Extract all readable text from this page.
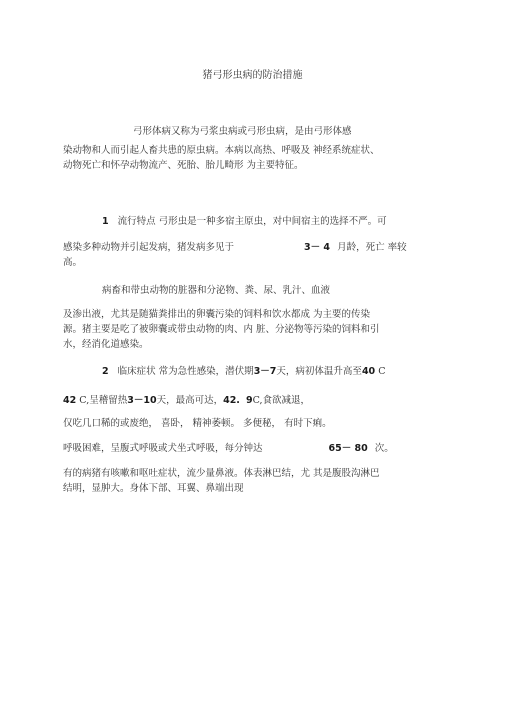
猪弓形虫病的防治措施
弓形体病又称为弓浆虫病或弓形虫病，是由弓形体感
染动物和人而引起人畜共患的原虫病。本病以高热、呼吸及 神经系统症状、
动物死亡和怀孕动物流产、死胎、胎儿畸形 为主要特征。
1 流行特点 弓形虫是一种多宿主原虫，对中间宿主的选择不严。可
感染多种动物并引起发病，猪发病多见于	3－ 4 月龄，死亡 率较
高。
病畜和带虫动物的脏器和分泌物、粪、尿、乳汁、血液
及渗出液，尤其是随猫粪排出的卵囊污染的饲料和饮水都成 为主要的传染
源。猪主要是吃了被卵囊或带虫动物的肉、内 脏、分泌物等污染的饲料和引
水，经消化道感染。
2 临床症状 常为急性感染，潜伏期3－7天，病初体温升高至40 C
42 C,呈稽留热3－10天，最高可达，42. 9C,食欲减退，
仅吃几口稀的或废绝， 喜卧， 精神萎顿。 多便秘， 有时下痢。
呼吸困难，呈腹式呼吸或犬坐式呼吸，每分钟达	65－ 80 次。
有的病猪有咳嗽和呕吐症状，流少量鼻液。体表淋巴结，尤 其是腹股沟淋巴
结明，显肿大。身体下部、耳翼、鼻端出现
